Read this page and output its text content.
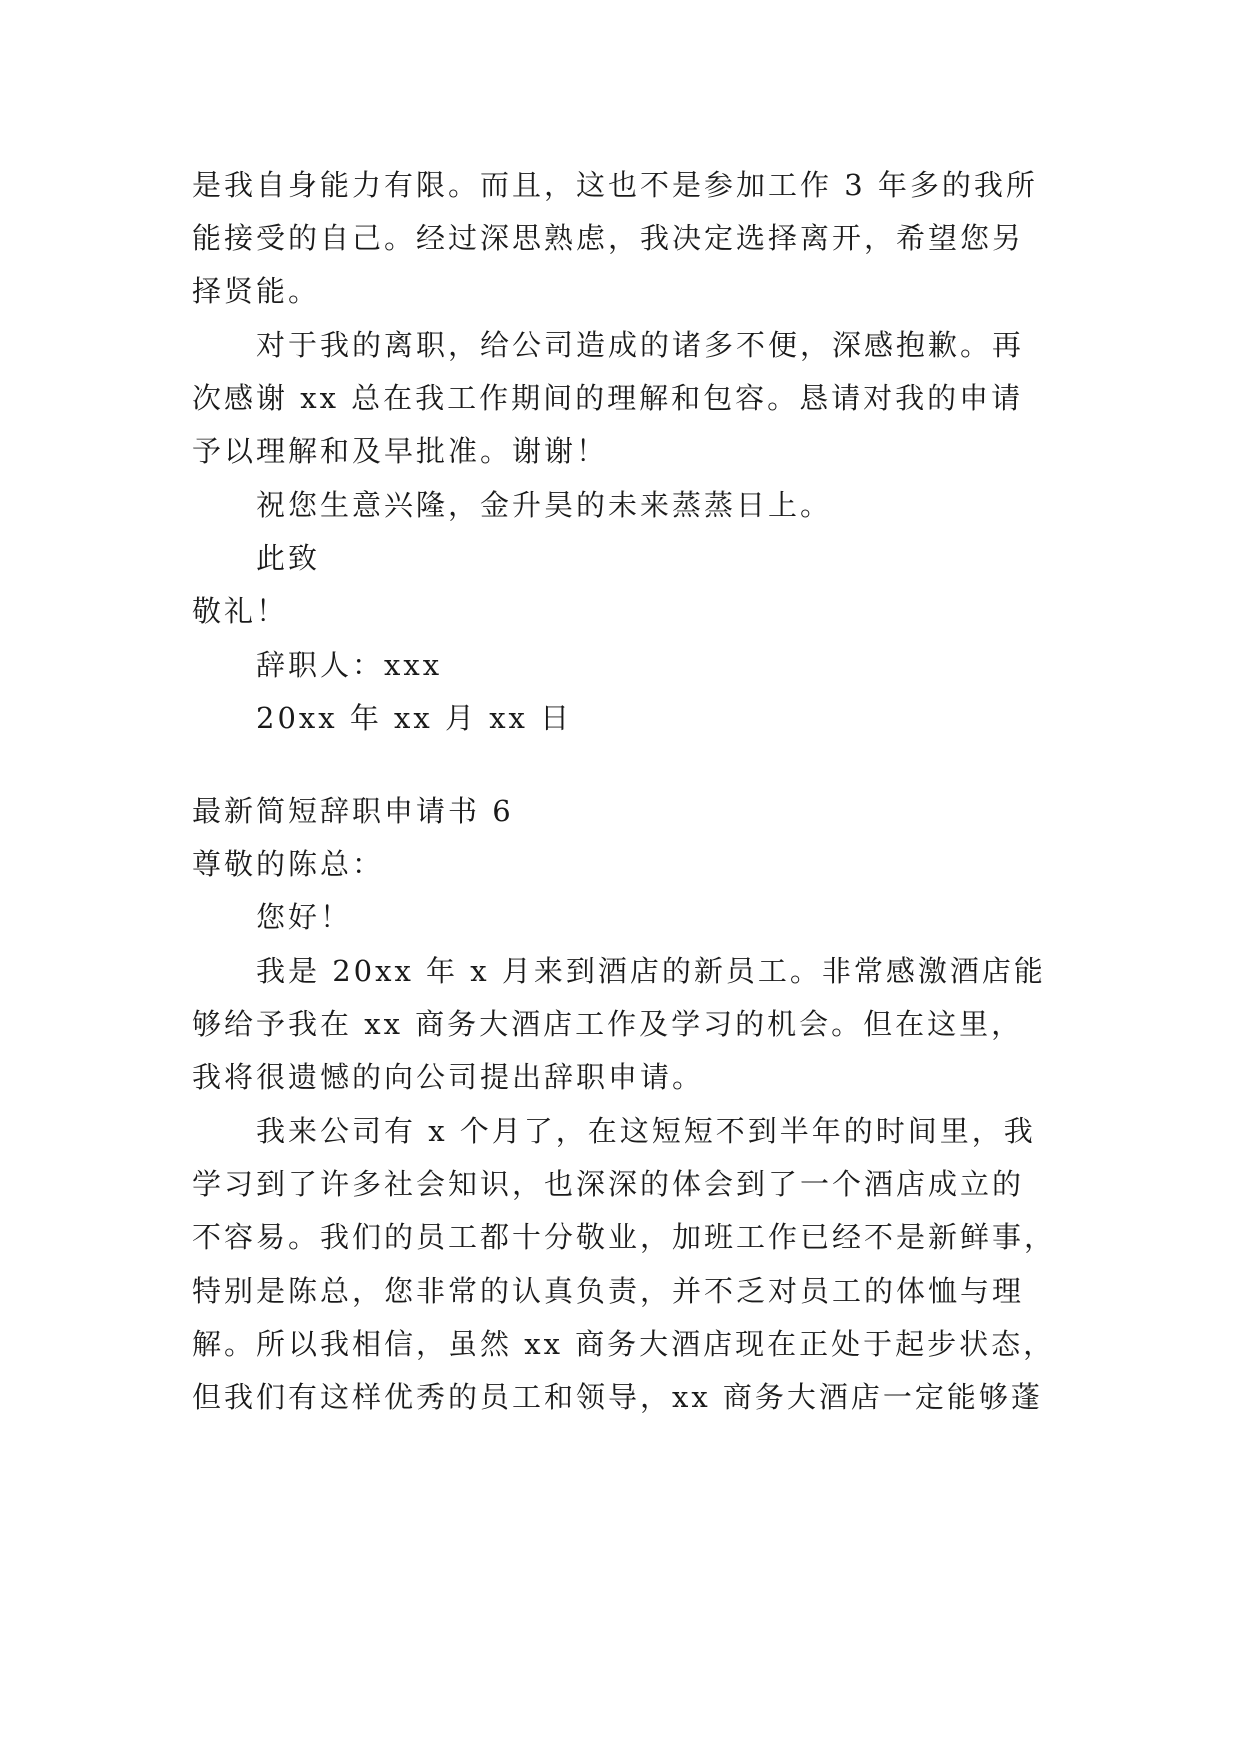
是我自身能力有限。而且，这也不是参加工作 3 年多的我所
能接受的自己。经过深思熟虑，我决定选择离开，希望您另
择贤能。
对于我的离职，给公司造成的诸多不便，深感抱歉。再
次感谢 xx 总在我工作期间的理解和包容。恳请对我的申请
予以理解和及早批准。谢谢！
祝您生意兴隆，金升昊的未来蒸蒸日上。
此致
敬礼！
辞职人：xxx
20xx 年 xx 月 xx 日
最新简短辞职申请书 6
尊敬的陈总：
您好！
我是 20xx 年 x 月来到酒店的新员工。非常感激酒店能
够给予我在 xx 商务大酒店工作及学习的机会。但在这里，
我将很遗憾的向公司提出辞职申请。
我来公司有 x 个月了，在这短短不到半年的时间里，我
学习到了许多社会知识，也深深的体会到了一个酒店成立的
不容易。我们的员工都十分敬业，加班工作已经不是新鲜事，
特别是陈总，您非常的认真负责，并不乏对员工的体恤与理
解。所以我相信，虽然 xx 商务大酒店现在正处于起步状态，
但我们有这样优秀的员工和领导，xx 商务大酒店一定能够蓬
